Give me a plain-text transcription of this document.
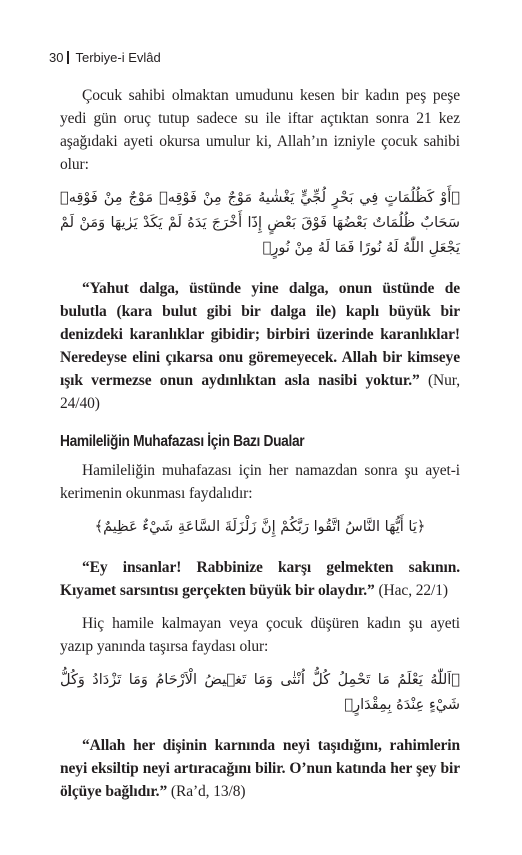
30 Terbiye-i Evlâd

Çocuk sahibi olmaktan umudunu kesen bir kadın peş peşe yedi gün oruç tutup sadece su ile iftar açtıktan sonra 21 kez aşağıdaki ayeti okursa umulur ki, Allah’ın izniyle çocuk sahibi olur:

﴿أَوْ كَظُلُمَاتٍ فِي بَحْرٍ لُجِّيٍّ يَغْشٰيهُ مَوْجٌ مِنْ فَوْقِهٖ مَوْجٌ مِنْ فَوْقِهٖ سَحَابٌ ظُلُمَاتٌ بَعْضُهَا فَوْقَ بَعْضٍ إِذَٓا أَخْرَجَ يَدَهُ لَمْ يَكَدْ يَرٰيهَا وَمَنْ لَمْ يَجْعَلِ اللّٰهُ لَهُ نُورًا فَمَا لَهُ مِنْ نُورٍ﴾

“Yahut dalga, üstünde yine dalga, onun üstünde de bulutla (kara bulut gibi bir dalga ile) kaplı büyük bir denizdeki karanlıklar gibidir; birbiri üzerinde karanlıklar! Neredeyse elini çıkarsa onu göremeyecek. Allah bir kimseye ışık vermezse onun aydınlıktan asla nasibi yoktur.” (Nur, 24/40)

Hamileliğin Muhafazası İçin Bazı Dualar

Hamileliğin muhafazası için her namazdan sonra şu ayet-i kerimenin okunması faydalıdır:

﴿يَا أَيُّهَا النَّاسُ اتَّقُوا رَبَّكُمْ إِنَّ زَلْزَلَةَ السَّاعَةِ شَيْءٌ عَظِيمٌ﴾

“Ey insanlar! Rabbinize karşı gelmekten sakının. Kıyamet sarsıntısı gerçekten büyük bir olaydır.” (Hac, 22/1)

Hiç hamile kalmayan veya çocuk düşüren kadın şu ayeti yazıp yanında taşırsa faydası olur:

﴿اَللّٰهُ يَعْلَمُ مَا تَحْمِلُ كُلُّ اُنْثٰى وَمَا تَغٖيضُ الْاَرْحَامُ وَمَا تَزْدَادُ وَكُلُّ شَيْءٍ عِنْدَهُ بِمِقْدَارٍ﴾

“Allah her dişinin karnında neyi taşıdığını, rahimlerin neyi eksiltip neyi artıracağını bilir. O’nun katında her şey bir ölçüye bağlıdır.” (Ra’d, 13/8)
